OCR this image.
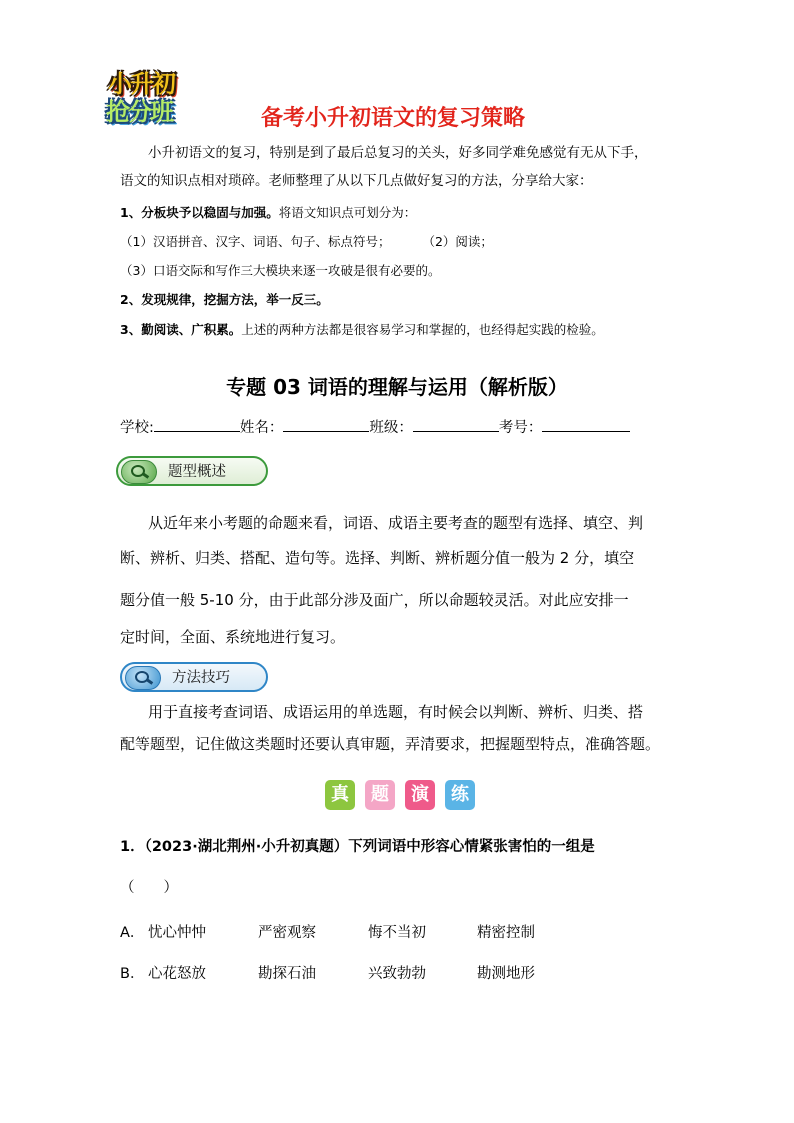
小升初
抢分班	备考小升初语文的复习策略
小升初语文的复习，特别是到了最后总复习的关头，好多同学难免感觉有无从下手，
语文的知识点相对琐碎。老师整理了从以下几点做好复习的方法，分享给大家：
1、分板块予以稳固与加强。将语文知识点可划分为：
（1）汉语拼音、汉字、词语、句子、标点符号；	（2）阅读；
（3）口语交际和写作三大模块来逐一攻破是很有必要的。
2、发现规律，挖掘方法，举一反三。
3、勤阅读、广积累。上述的两种方法都是很容易学习和掌握的，也经得起实践的检验。
专题 03 词语的理解与运用（解析版）
学校:	姓名：	班级：	考号：
题型概述
从近年来小考题的命题来看，词语、成语主要考查的题型有选择、填空、判
断、辨析、归类、搭配、造句等。选择、判断、辨析题分值一般为 2 分，填空
题分值一般 5-10 分，由于此部分涉及面广，所以命题较灵活。对此应安排一
定时间，全面、系统地进行复习。
方法技巧
用于直接考查词语、成语运用的单选题，有时候会以判断、辨析、归类、搭
配等题型，记住做这类题时还要认真审题，弄清要求，把握题型特点，准确答题。
真	题	演	练
1．（2023·湖北荆州·小升初真题）下列词语中形容心情紧张害怕的一组是
（　　）
A． 忧心忡忡	严密观察	悔不当初	精密控制
B． 心花怒放	勘探石油	兴致勃勃	勘测地形
